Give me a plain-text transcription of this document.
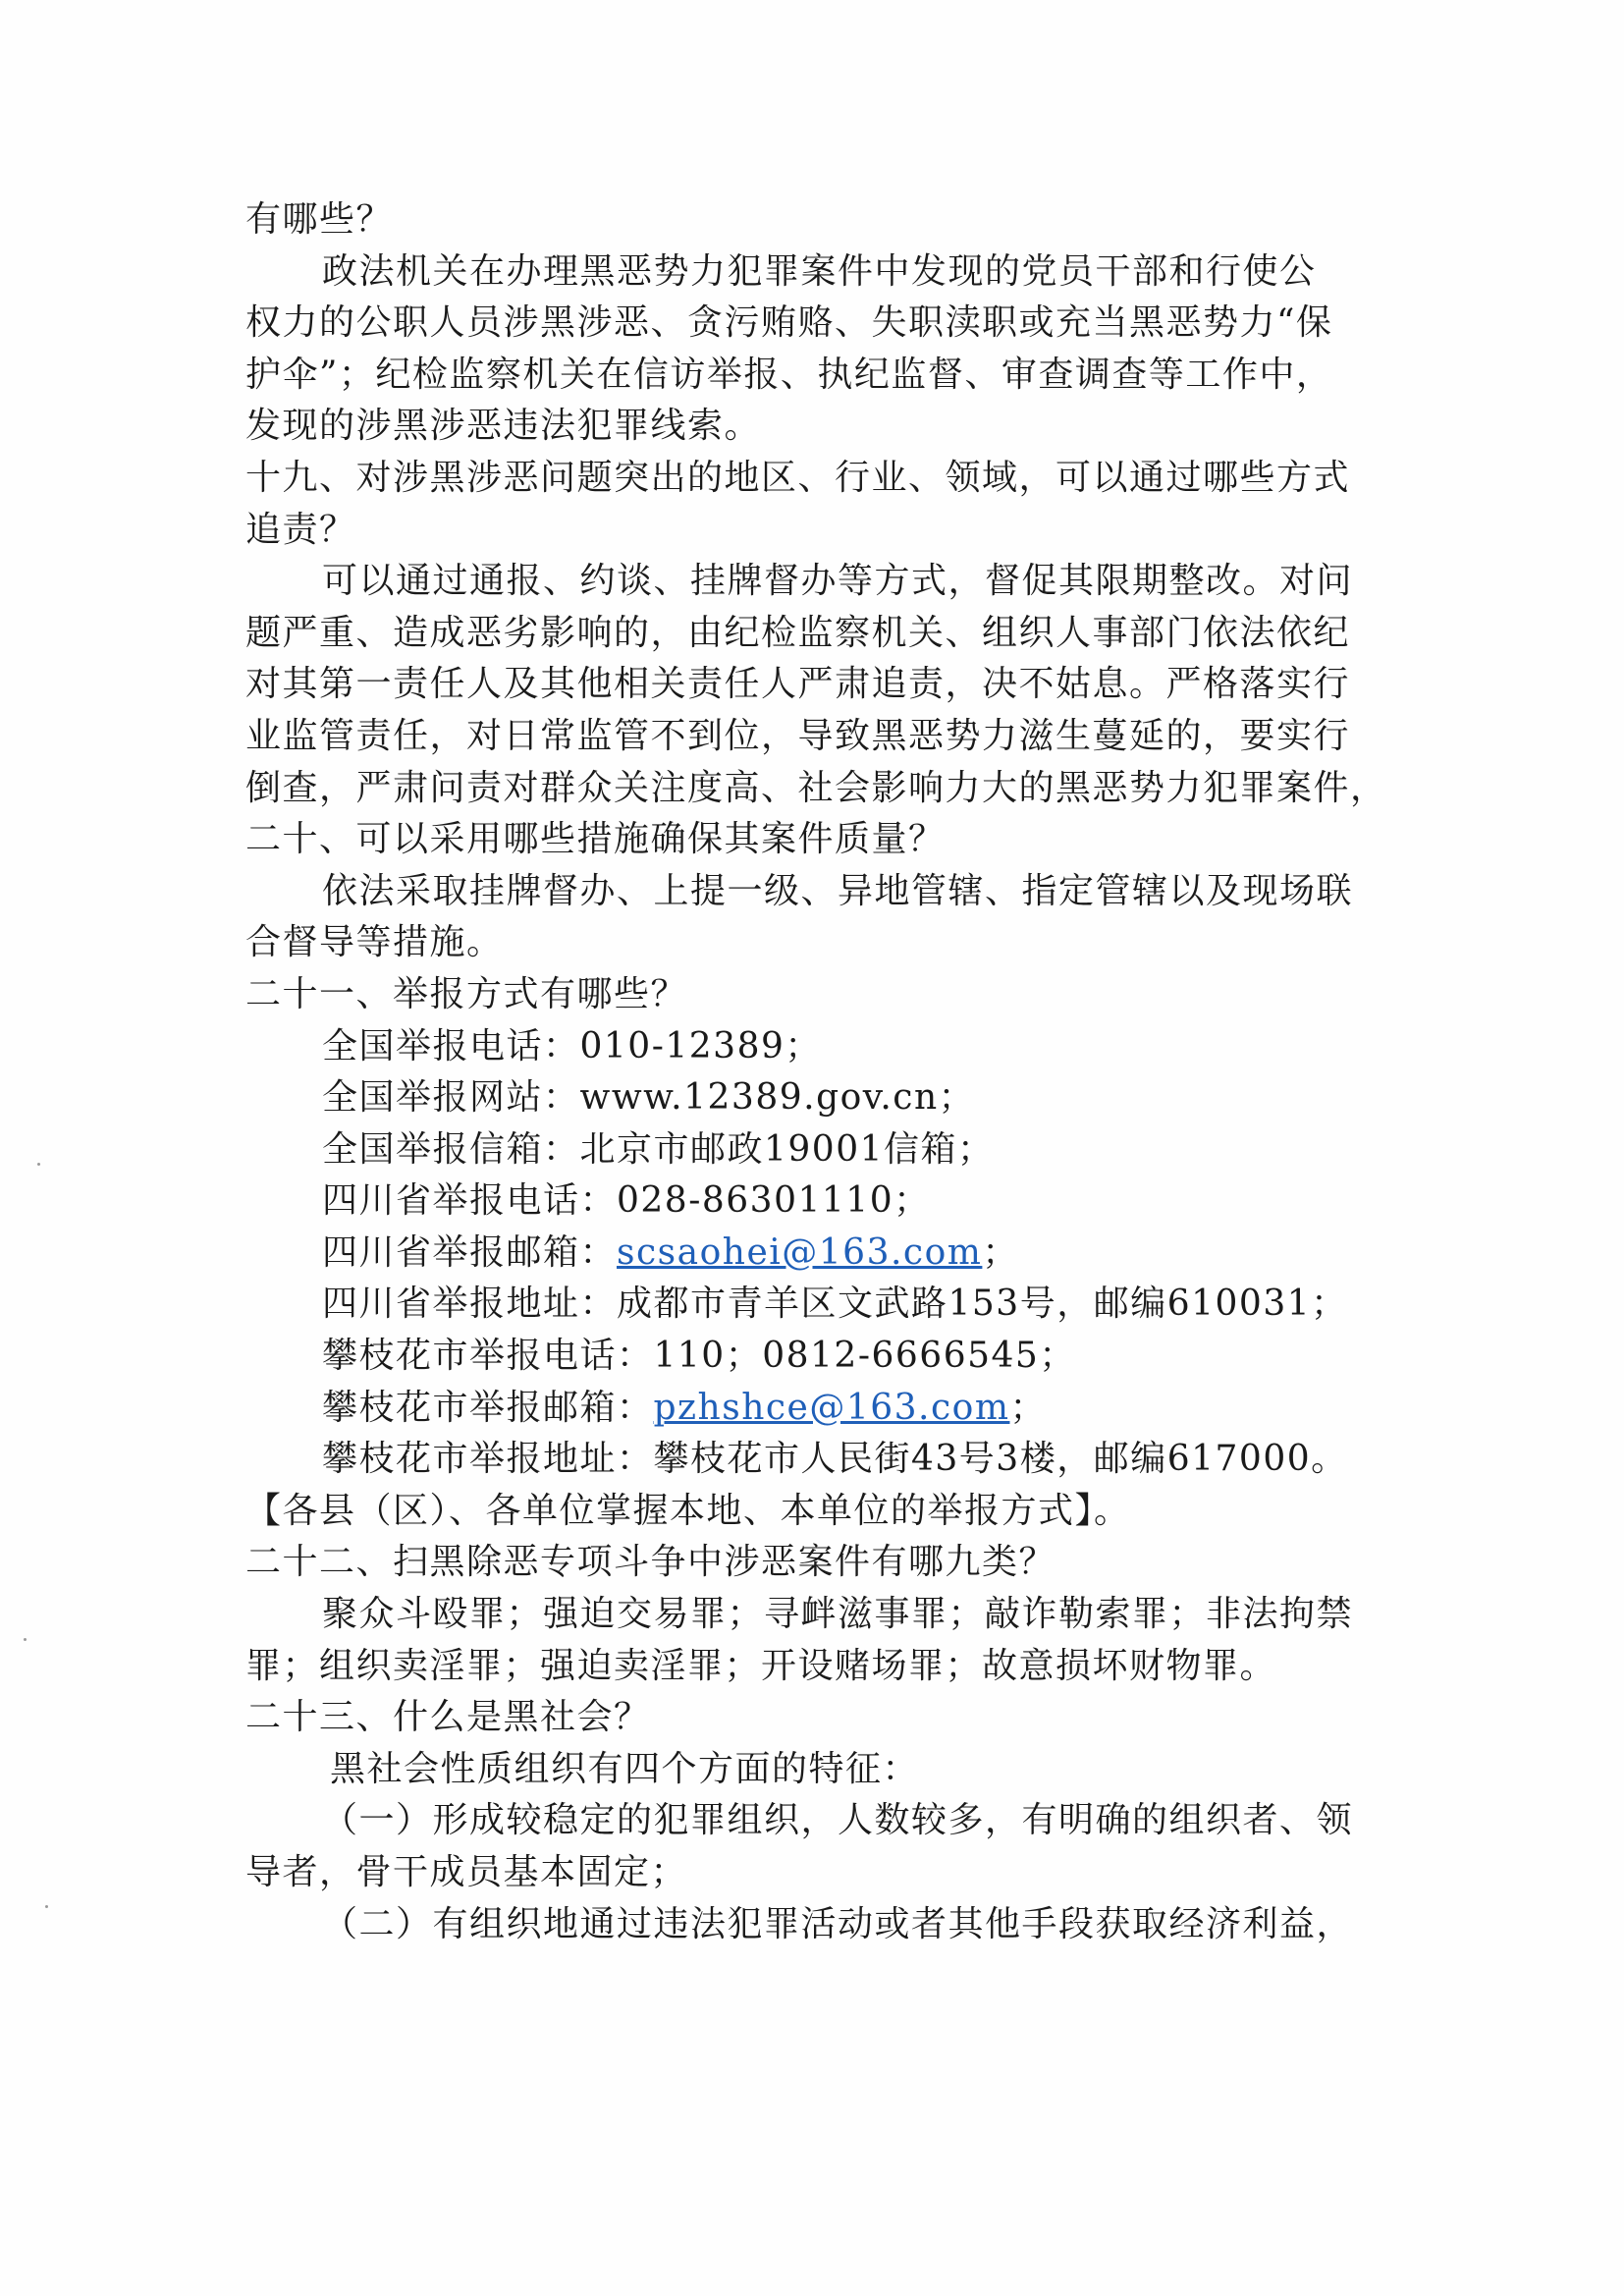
有哪些？
政法机关在办理黑恶势力犯罪案件中发现的党员干部和行使公
权力的公职人员涉黑涉恶、贪污贿赂、失职渎职或充当黑恶势力“保
护伞”；纪检监察机关在信访举报、执纪监督、审查调查等工作中，
发现的涉黑涉恶违法犯罪线索。
十九、对涉黑涉恶问题突出的地区、行业、领域，可以通过哪些方式
追责？
可以通过通报、约谈、挂牌督办等方式，督促其限期整改。对问
题严重、造成恶劣影响的，由纪检监察机关、组织人事部门依法依纪
对其第一责任人及其他相关责任人严肃追责，决不姑息。严格落实行
业监管责任，对日常监管不到位，导致黑恶势力滋生蔓延的，要实行
倒查，严肃问责对群众关注度高、社会影响力大的黑恶势力犯罪案件，
二十、可以采用哪些措施确保其案件质量？
依法采取挂牌督办、上提一级、异地管辖、指定管辖以及现场联
合督导等措施。
二十一、举报方式有哪些？
全国举报电话：010-12389；
全国举报网站：www.12389.gov.cn；
全国举报信箱：北京市邮政19001信箱；
四川省举报电话：028-86301110；
四川省举报邮箱：scsaohei@163.com；
四川省举报地址：成都市青羊区文武路153号，邮编610031；
攀枝花市举报电话：110；0812-6666545；
攀枝花市举报邮箱：pzhshce@163.com；
攀枝花市举报地址：攀枝花市人民街43号3楼，邮编617000。
【各县（区）、各单位掌握本地、本单位的举报方式】。
二十二、扫黑除恶专项斗争中涉恶案件有哪九类？
聚众斗殴罪；强迫交易罪；寻衅滋事罪；敲诈勒索罪；非法拘禁
罪；组织卖淫罪；强迫卖淫罪；开设赌场罪；故意损坏财物罪。
二十三、什么是黑社会？
黑社会性质组织有四个方面的特征：
（一）形成较稳定的犯罪组织，人数较多，有明确的组织者、领
导者，骨干成员基本固定；
（二）有组织地通过违法犯罪活动或者其他手段获取经济利益，
